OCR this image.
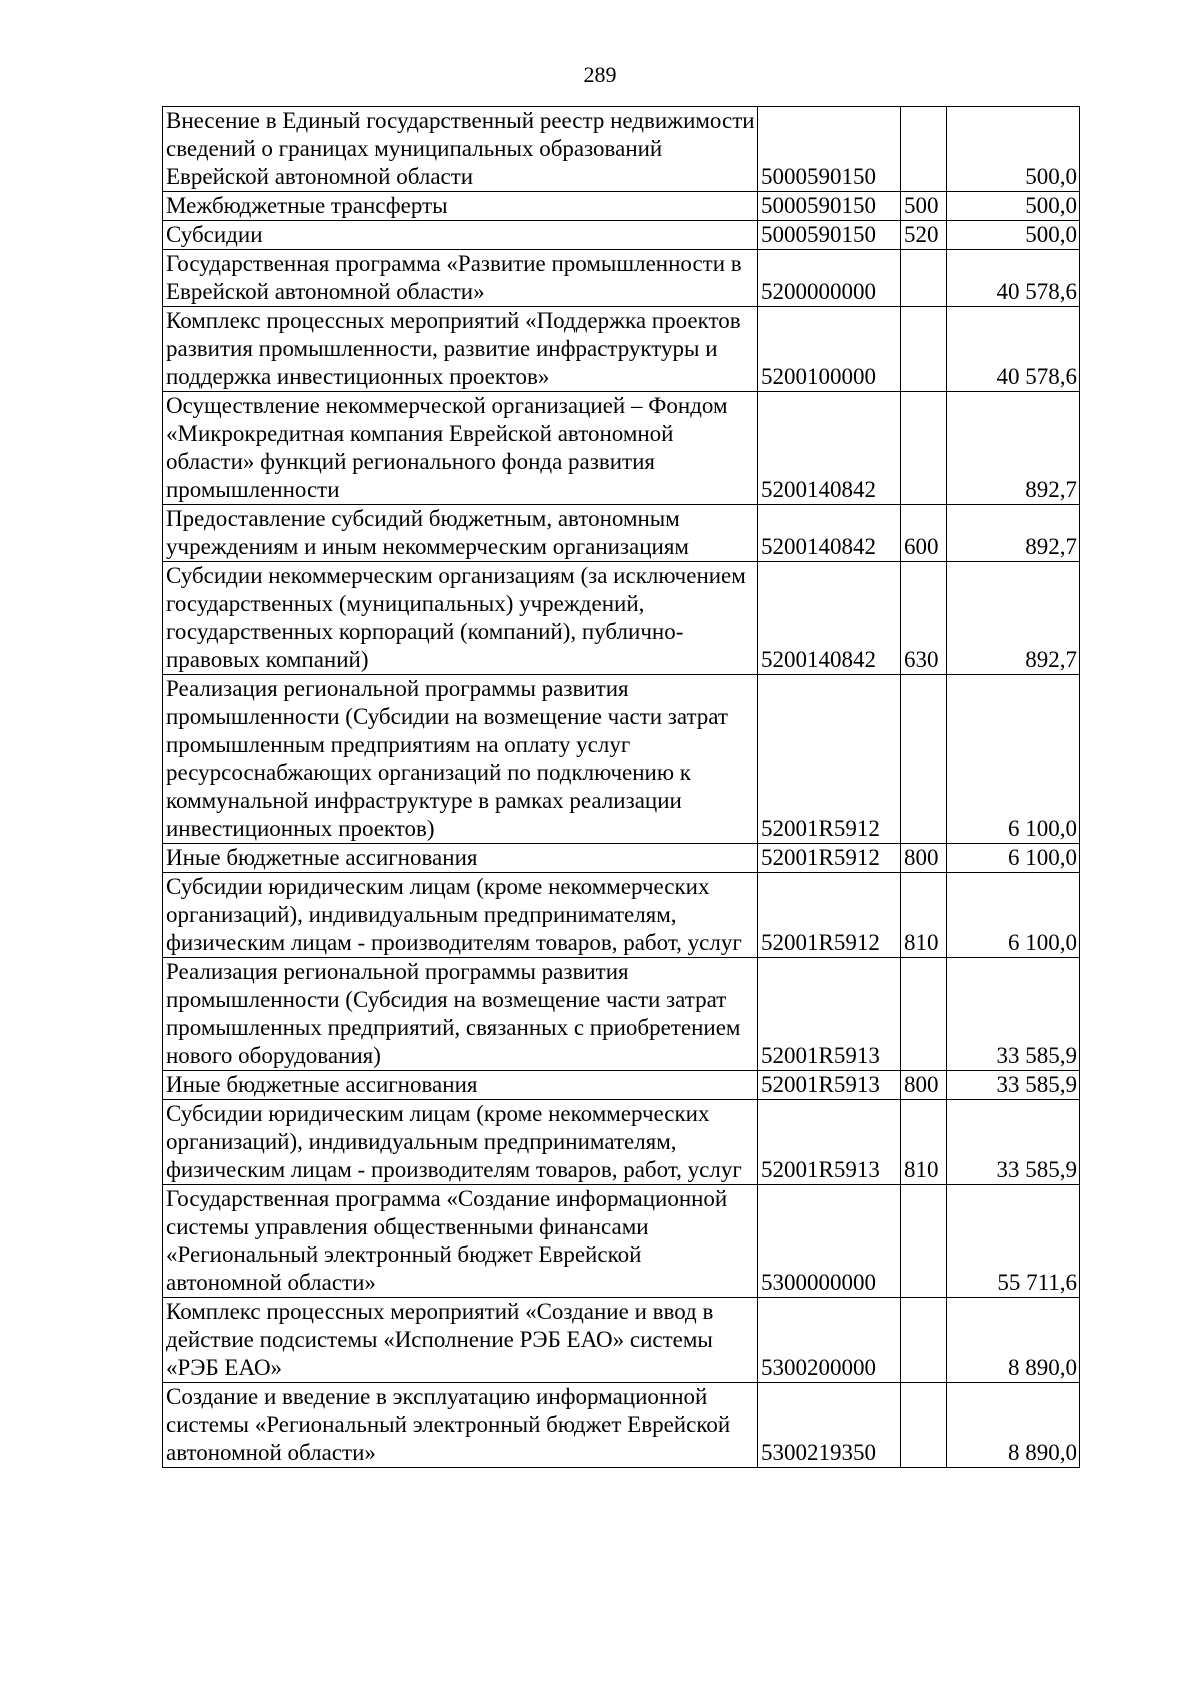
289
Внесение в Единый государственный реестр недвижимости сведений о границах муниципальных образований Еврейской автономной области	5000590150		500,0
Межбюджетные трансферты	5000590150	500	500,0
Субсидии	5000590150	520	500,0
Государственная программа «Развитие промышленности в Еврейской автономной области»	5200000000		40 578,6
Комплекс процессных мероприятий «Поддержка проектов развития промышленности, развитие инфраструктуры и поддержка инвестиционных проектов»	5200100000		40 578,6
Осуществление некоммерческой организацией – Фондом «Микрокредитная компания Еврейской автономной области» функций регионального фонда развития промышленности	5200140842		892,7
Предоставление субсидий бюджетным, автономным учреждениям и иным некоммерческим организациям	5200140842	600	892,7
Субсидии некоммерческим организациям (за исключением государственных (муниципальных) учреждений, государственных корпораций (компаний), публично-правовых компаний)	5200140842	630	892,7
Реализация региональной программы развития промышленности (Субсидии на возмещение части затрат промышленным предприятиям на оплату услуг ресурсоснабжающих организаций по подключению к коммунальной инфраструктуре в рамках реализации инвестиционных проектов)	52001R5912		6 100,0
Иные бюджетные ассигнования	52001R5912	800	6 100,0
Субсидии юридическим лицам (кроме некоммерческих организаций), индивидуальным предпринимателям, физическим лицам - производителям товаров, работ, услуг	52001R5912	810	6 100,0
Реализация региональной программы развития промышленности (Субсидия на возмещение части затрат промышленных предприятий, связанных с приобретением нового оборудования)	52001R5913		33 585,9
Иные бюджетные ассигнования	52001R5913	800	33 585,9
Субсидии юридическим лицам (кроме некоммерческих организаций), индивидуальным предпринимателям, физическим лицам - производителям товаров, работ, услуг	52001R5913	810	33 585,9
Государственная программа «Создание информационной системы управления общественными финансами «Региональный электронный бюджет Еврейской автономной области»	5300000000		55 711,6
Комплекс процессных мероприятий «Создание и ввод в действие подсистемы «Исполнение РЭБ ЕАО» системы «РЭБ ЕАО»	5300200000		8 890,0
Создание и введение в эксплуатацию информационной системы «Региональный электронный бюджет Еврейской автономной области»	5300219350		8 890,0
